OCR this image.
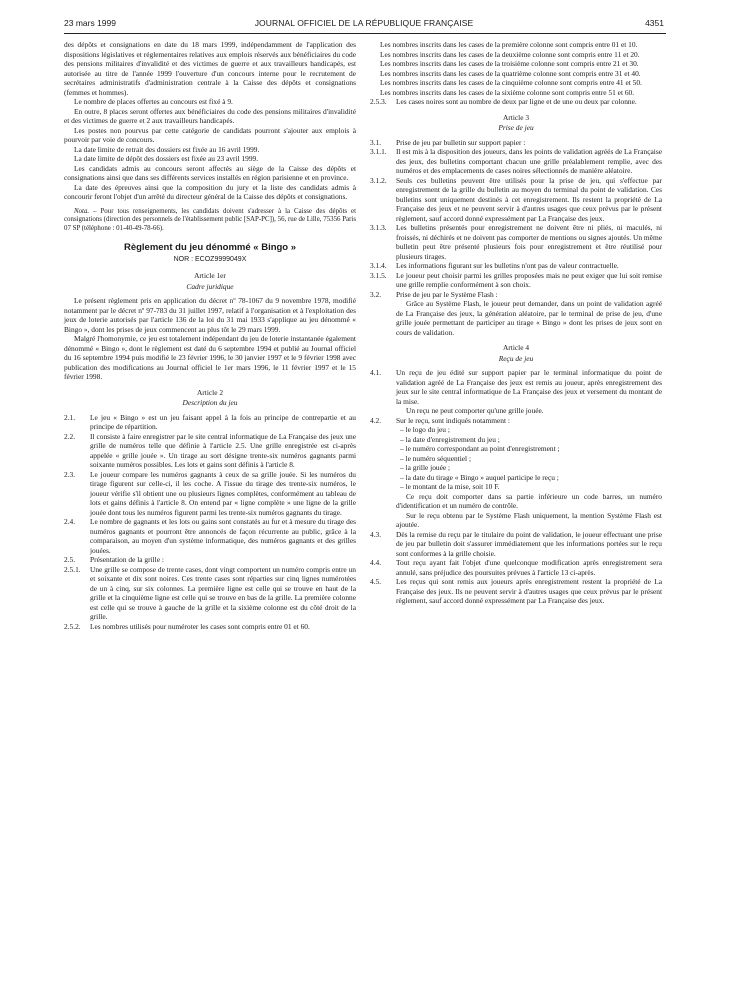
23 mars 1999	JOURNAL OFFICIEL DE LA RÉPUBLIQUE FRANÇAISE	4351

des dépôts et consignations en date du 18 mars 1999, indépendamment de l'application des dispositions législatives et réglementaires relatives aux emplois réservés aux bénéficiaires du code des pensions militaires d'invalidité et des victimes de guerre et aux travailleurs handicapés, est autorisée au titre de l'année 1999 l'ouverture d'un concours interne pour le recrutement de secrétaires administratifs d'administration centrale à la Caisse des dépôts et consignations (femmes et hommes).

Le nombre de places offertes au concours est fixé à 9.

En outre, 8 places seront offertes aux bénéficiaires du code des pensions militaires d'invalidité et des victimes de guerre et 2 aux travailleurs handicapés.

Les postes non pourvus par cette catégorie de candidats pourront s'ajouter aux emplois à pourvoir par voie de concours.

La date limite de retrait des dossiers est fixée au 16 avril 1999.

La date limite de dépôt des dossiers est fixée au 23 avril 1999.

Les candidats admis au concours seront affectés au siège de la Caisse des dépôts et consignations ainsi que dans ses différents services installés en région parisienne et en province.

La date des épreuves ainsi que la composition du jury et la liste des candidats admis à concourir feront l'objet d'un arrêté du directeur général de la Caisse des dépôts et consignations.

Nota. – Pour tous renseignements, les candidats doivent s'adresser à la Caisse des dépôts et consignations (direction des personnels de l'établissement public [SAP-PC]), 56, rue de Lille, 75356 Paris 07 SP (téléphone : 01-40-49-78-66).

Règlement du jeu dénommé « Bingo »
NOR : ECOZ9999049X
Article 1er
Cadre juridique

Le présent règlement pris en application du décret nº 78-1067 du 9 novembre 1978, modifié notamment par le décret nº 97-783 du 31 juillet 1997, relatif à l'organisation et à l'exploitation des jeux de loterie autorisés par l'article 136 de la loi du 31 mai 1933 s'applique au jeu dénommé « Bingo », dont les prises de jeux commencent au plus tôt le 29 mars 1999.

Malgré l'homonymie, ce jeu est totalement indépendant du jeu de loterie instantanée également dénommé « Bingo », dont le règlement est daté du 6 septembre 1994 et publié au Journal officiel du 16 septembre 1994 puis modifié le 23 février 1996, le 30 janvier 1997 et le 9 février 1998 avec publication des modifications au Journal officiel le 1er mars 1996, le 11 février 1997 et le 15 février 1998.

Article 2
Description du jeu
2.1.	Le jeu « Bingo » est un jeu faisant appel à la fois au principe de contrepartie et au principe de répartition.
2.2.	Il consiste à faire enregistrer par le site central informatique de La Française des jeux une grille de numéros telle que définie à l'article 2.5. Une grille enregistrée est ci-après appelée « grille jouée ». Un tirage au sort désigne trente-six numéros gagnants parmi soixante numéros possibles. Les lots et gains sont définis à l'article 8.
2.3.	Le joueur compare les numéros gagnants à ceux de sa grille jouée. Si les numéros du tirage figurent sur celle-ci, il les coche. A l'issue du tirage des trente-six numéros, le joueur vérifie s'il obtient une ou plusieurs lignes complètes, conformément au tableau de lots et gains définis à l'article 8. On entend par « ligne complète » une ligne de la grille jouée dont tous les numéros figurent parmi les trente-six numéros gagnants du tirage.
2.4.	Le nombre de gagnants et les lots ou gains sont constatés au fur et à mesure du tirage des numéros gagnants et pourront être annoncés de façon récurrente au public, grâce à la comparaison, au moyen d'un système informatique, des numéros gagnants et des grilles jouées.
2.5.	Présentation de la grille :
2.5.1.	Une grille se compose de trente cases, dont vingt comportent un numéro compris entre un et soixante et dix sont noires. Ces trente cases sont réparties sur cinq lignes numérotées de un à cinq, sur six colonnes. La première ligne est celle qui se trouve en haut de la grille et la cinquième ligne est celle qui se trouve en bas de la grille. La première colonne est celle qui se trouve à gauche de la grille et la sixième colonne est du côté droit de la grille.
2.5.2.	Les nombres utilisés pour numéroter les cases sont compris entre 01 et 60.

Les nombres inscrits dans les cases de la première colonne sont compris entre 01 et 10.

Les nombres inscrits dans les cases de la deuxième colonne sont compris entre 11 et 20.

Les nombres inscrits dans les cases de la troisième colonne sont compris entre 21 et 30.

Les nombres inscrits dans les cases de la quatrième colonne sont compris entre 31 et 40.

Les nombres inscrits dans les cases de la cinquième colonne sont compris entre 41 et 50.

Les nombres inscrits dans les cases de la sixième colonne sont compris entre 51 et 60.

2.5.3.	Les cases noires sont au nombre de deux par ligne et de une ou deux par colonne.
Article 3
Prise de jeu
3.1.	Prise de jeu par bulletin sur support papier :
3.1.1.	Il est mis à la disposition des joueurs, dans les points de validation agréés de La Française des jeux, des bulletins comportant chacun une grille préalablement remplie, avec des numéros et des emplacements de cases noires sélectionnés de manière aléatoire.
3.1.2.	Seuls ces bulletins peuvent être utilisés pour la prise de jeu, qui s'effectue par enregistrement de la grille du bulletin au moyen du terminal du point de validation. Ces bulletins sont uniquement destinés à cet enregistrement. Ils restent la propriété de La Française des jeux et ne peuvent servir à d'autres usages que ceux prévus par le présent règlement, sauf accord donné expressément par La Française des jeux.
3.1.3.	Les bulletins présentés pour enregistrement ne doivent être ni pliés, ni maculés, ni froissés, ni déchirés et ne doivent pas comporter de mentions ou signes ajoutés. Un même bulletin peut être présenté plusieurs fois pour enregistrement et être réutilisé pour plusieurs tirages.
3.1.4.	Les informations figurant sur les bulletins n'ont pas de valeur contractuelle.
3.1.5.	Le joueur peut choisir parmi les grilles proposées mais ne peut exiger que lui soit remise une grille remplie conformément à son choix.
3.2.	Prise de jeu par le Système Flash :

Grâce au Système Flash, le joueur peut demander, dans un point de validation agréé de La Française des jeux, la génération aléatoire, par le terminal de prise de jeu, d'une grille jouée permettant de participer au tirage « Bingo » dont les prises de jeux sont en cours de validation.

Article 4
Reçu de jeu
4.1.	Un reçu de jeu édité sur support papier par le terminal informatique du point de validation agréé de La Française des jeux est remis au joueur, après enregistrement des jeux sur le site central informatique de La Française des jeux et versement du montant de la mise.

Un reçu ne peut comporter qu'une grille jouée.

4.2.	Sur le reçu, sont indiqués notamment :
– le logo du jeu ;
– la date d'enregistrement du jeu ;
– le numéro correspondant au point d'enregistrement ;
– le numéro séquentiel ;
– la grille jouée ;
– la date du tirage « Bingo » auquel participe le reçu ;
– le montant de la mise, soit 10 F.

Ce reçu doit comporter dans sa partie inférieure un code barres, un numéro d'identification et un numéro de contrôle.

Sur le reçu obtenu par le Système Flash uniquement, la mention Système Flash est ajoutée.

4.3.	Dès la remise du reçu par le titulaire du point de validation, le joueur effectuant une prise de jeu par bulletin doit s'assurer immédiatement que les informations portées sur le reçu sont conformes à la grille choisie.
4.4.	Tout reçu ayant fait l'objet d'une quelconque modification après enregistrement sera annulé, sans préjudice des poursuites prévues à l'article 13 ci-après.
4.5.	Les reçus qui sont remis aux joueurs après enregistrement restent la propriété de La Française des jeux. Ils ne peuvent servir à d'autres usages que ceux prévus par le présent règlement, sauf accord donné expressément par La Française des jeux.
